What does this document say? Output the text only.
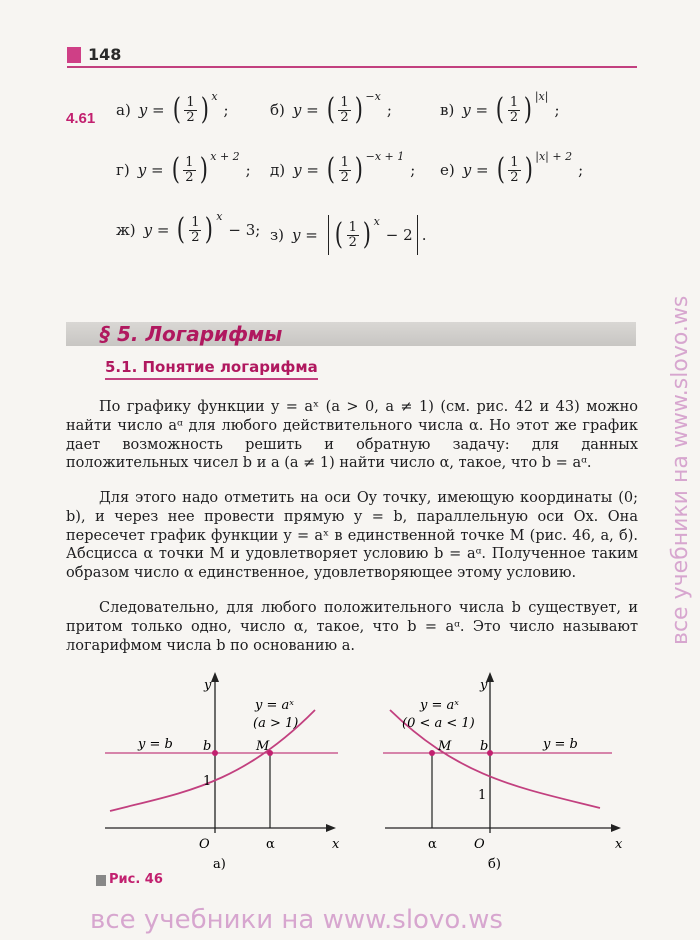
148
4.61 а) y = ( 1
2 ) x
;	б) y = ( 1
2 ) −x
;	в) y = ( 1
2 ) |x|
;
г) y = ( 1
2 ) x + 2
; д) y = ( 1
2 ) −x + 1
; е) y = ( 1
2 ) |x| + 2
;
ж) y = ( 1
2 ) x
− 3; з) y = ( 1
2 ) x
− 2 .
§ 5. Логарифмы
5.1. Понятие логарифма

По графику функции y = aˣ (a > 0, a ≠ 1) (см. рис. 42 и 43) можно найти число aᵅ для любого действительного числа α. Но этот же график дает возможность решить и обратную задачу: для данных положительных чисел b и a (a ≠ 1) найти число α, такое, что b = aᵅ.

Для этого надо отметить на оси Oy точку, имеющую координаты (0; b), и через нее провести прямую y = b, параллельную оси Ox. Она пересечет график функции y = aˣ в единственной точке M (рис. 46, a, б). Абсцисса α точки M и удовлетворяет условию b = aᵅ. Полученное таким образом число α единственное, удовлетворяющее этому условию.

Следовательно, для любого положительного числа b существует, и притом только одно, число α, такое, что b = aᵅ. Это число называют логарифмом числа b по основанию a.

y
x
y = aˣ
(a > 1)
y = b b	M
1
O	α
а)
y
x
y = aˣ
(0 < a < 1)
y = b
b
M
1
O
α
б)
Рис. 46
все учебники на www.slovo.ws
все учебники на www.slovo.ws
